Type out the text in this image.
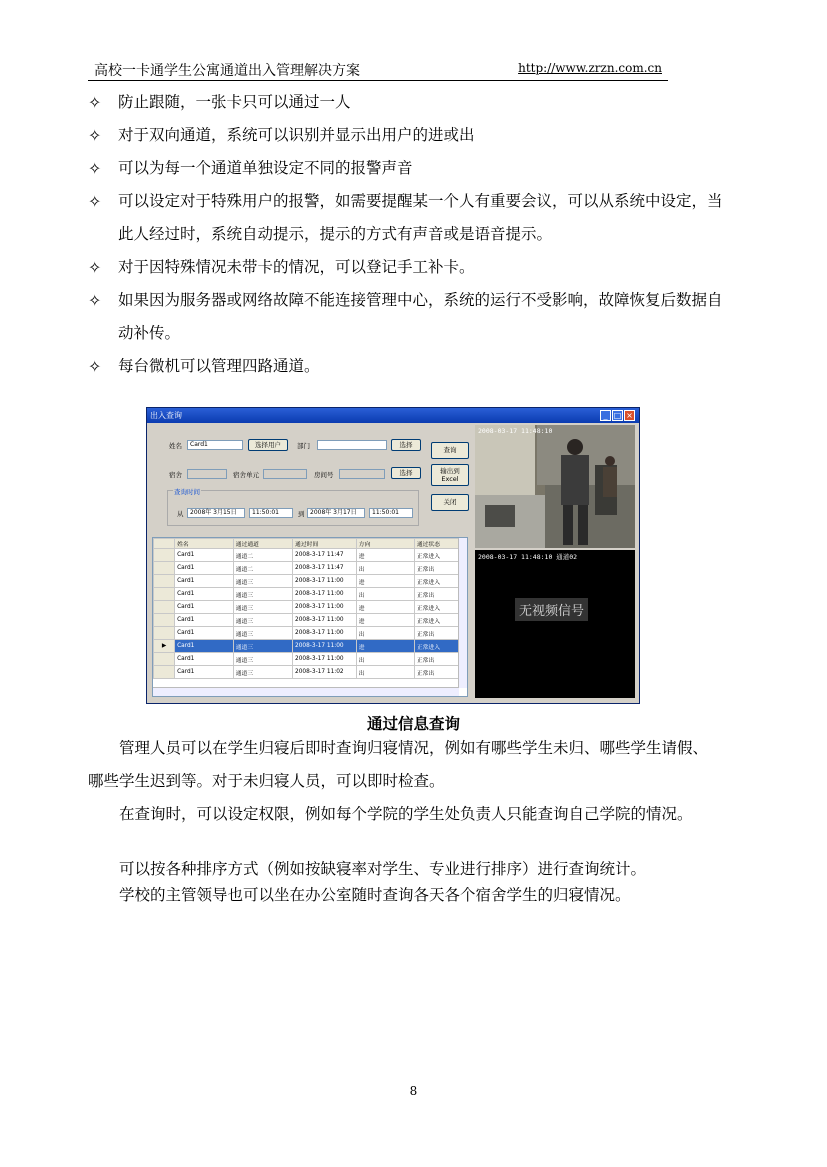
高校一卡通学生公寓通道出入管理解决方案	http://www.zrzn.com.cn
✧ 防止跟随，一张卡只可以通过一人
✧ 对于双向通道，系统可以识别并显示出用户的进或出
✧ 可以为每一个通道单独设定不同的报警声音
✧ 可以设定对于特殊用户的报警，如需要提醒某一个人有重要会议，可以从系统中设定，当此人经过时，系统自动提示，提示的方式有声音或是语音提示。
✧ 对于因特殊情况未带卡的情况，可以登记手工补卡。
✧ 如果因为服务器或网络故障不能连接管理中心，系统的运行不受影响，故障恢复后数据自动补传。
✧ 每台微机可以管理四路通道。
出入查询	_ □ ×
姓名	Card1	选择用户	部门	选择
宿舍	宿舍单元	房间号	选择
查询
输出到
Excel
关闭
查询时间
从	2008年 3月15日	11:50:01	到 2008年 3月17日	11:50:01
	姓名	通过通道	通过时间	方向	通过状态
	Card1	通道二	2008-3-17 11:47	进	正常进入
	Card1	通道二	2008-3-17 11:47	出	正常出
	Card1	通道三	2008-3-17 11:00	进	正常进入
	Card1	通道三	2008-3-17 11:00	出	正常出
	Card1	通道三	2008-3-17 11:00	进	正常进入
	Card1	通道三	2008-3-17 11:00	进	正常进入
	Card1	通道三	2008-3-17 11:00	出	正常出
▶	Card1	通道三	2008-3-17 11:00	进	正常进入
	Card1	通道三	2008-3-17 11:00	出	正常出
	Card1	通道三	2008-3-17 11:02	出	正常出
2008-03-17 11:48:10
2008-03-17 11:48:10 通道02
无视频信号
通过信息查询
管理人员可以在学生归寝后即时查询归寝情况，例如有哪些学生未归、哪些学生请假、哪些学生迟到等。对于未归寝人员，可以即时检查。
在查询时，可以设定权限，例如每个学院的学生处负责人只能查询自己学院的情况。
可以按各种排序方式（例如按缺寝率对学生、专业进行排序）进行查询统计。
学校的主管领导也可以坐在办公室随时查询各天各个宿舍学生的归寝情况。
8
